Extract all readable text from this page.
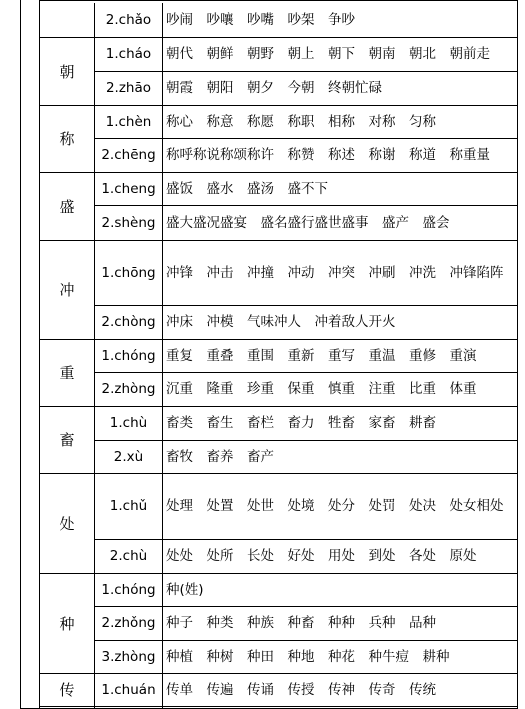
2.chǎo	吵闹　吵嚷　吵嘴　吵架　争吵
朝
1.cháo	朝代　朝鲜　朝野　朝上　朝下　朝南　朝北　朝前走
2.zhāo	朝霞　朝阳　朝夕　今朝　终朝忙碌
称
1.chèn	称心　称意　称愿　称职　相称　对称　匀称
2.chēng 称呼称说称颂称许　称赞　称述　称谢　称道　称重量
盛
1.cheng 盛饭　盛水　盛汤　盛不下
2.shèng 盛大盛况盛宴　盛名盛行盛世盛事　盛产　盛会
冲
1.chōng 冲锋　冲击　冲撞　冲动　冲突　冲刷　冲洗　冲锋陷阵
2.chòng 冲床　冲模　气味冲人　冲着敌人开火
重
1.chóng 重复　重叠　重围　重新　重写　重温　重修　重演
2.zhòng 沉重　隆重　珍重　保重　慎重　注重　比重　体重
畜
1.chù	畜类　畜生　畜栏　畜力　牲畜　家畜　耕畜
2.xù	畜牧　畜养　畜产
处
1.chǔ	处理　处置　处世　处境　处分　处罚　处决　处女相处
2.chù	处处　处所　长处　好处　用处　到处　各处　原处
种
1.chóng 种(姓)
2.zhǒng 种子　种类　种族　种畜　种种　兵种　品种
3.zhòng 种植　种树　种田　种地　种花　种牛痘　耕种
传	1.chuán 传单　传遍　传诵　传授　传神　传奇　传统
